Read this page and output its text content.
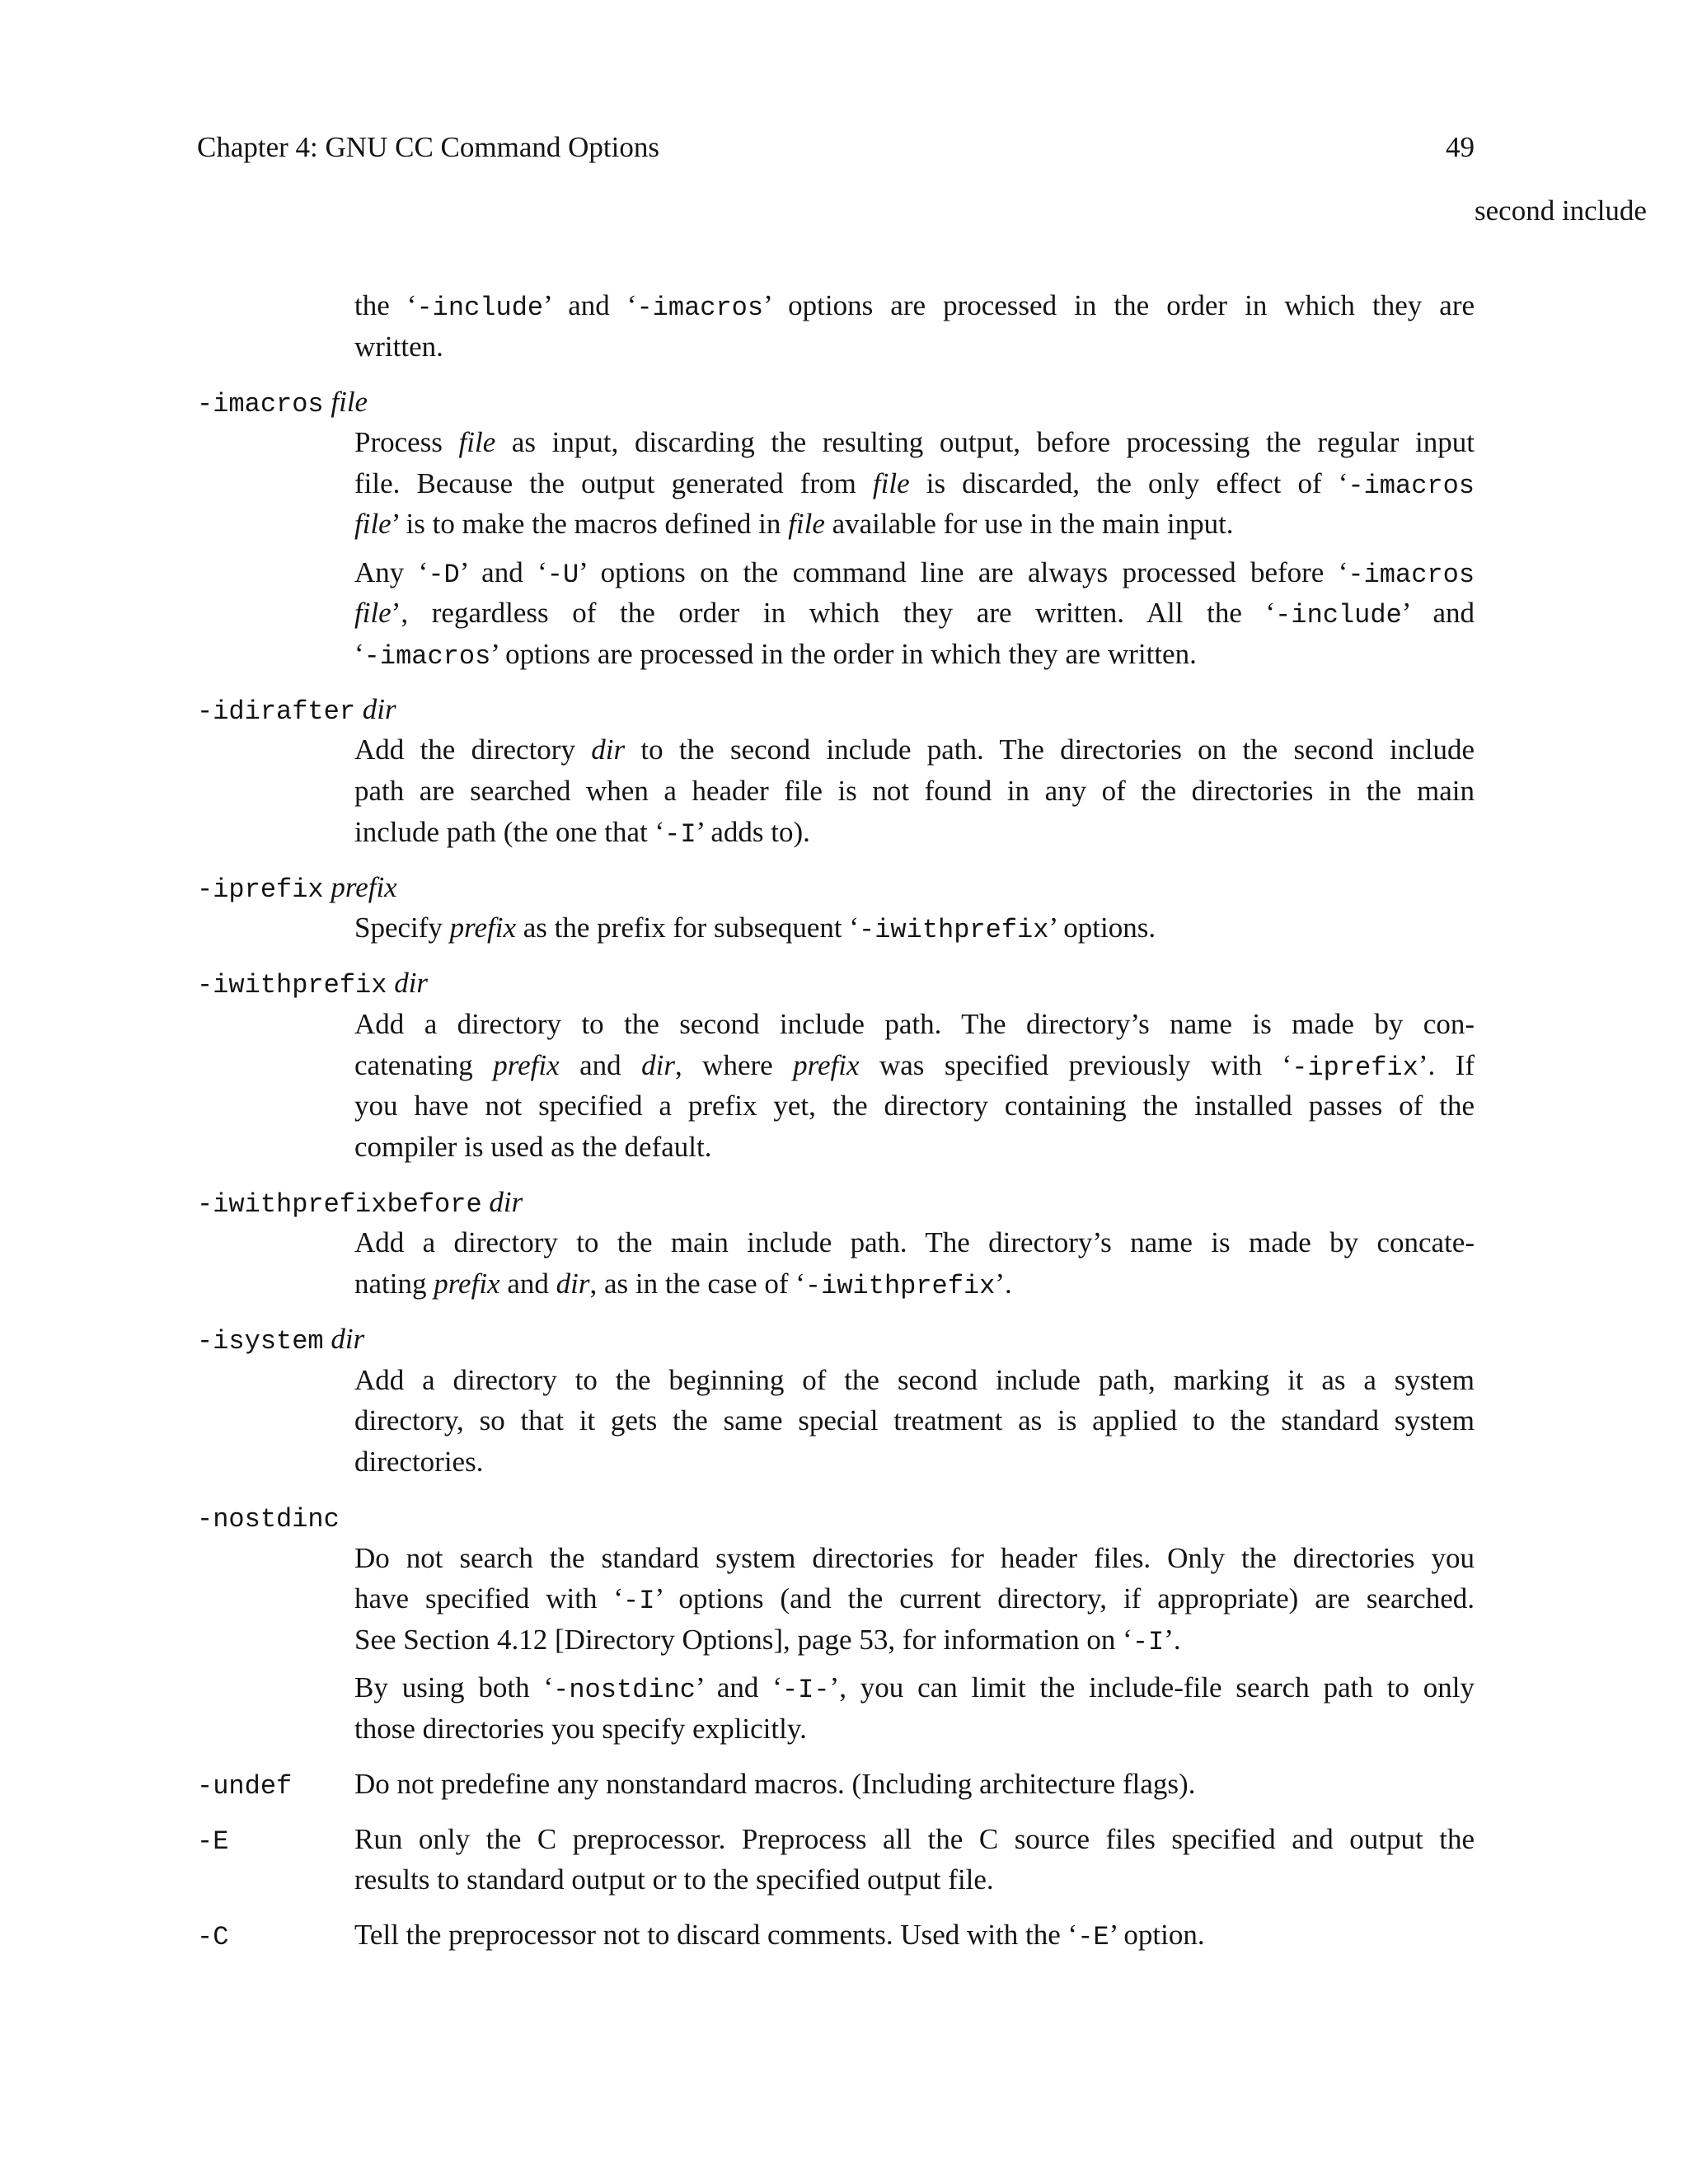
Chapter 4: GNU CC Command Options	49
second include
the ‘-include’ and ‘-imacros’ options are processed in the order in which they are
written.
-imacros file
Process file as input, discarding the resulting output, before processing the regular input
file. Because the output generated from file is discarded, the only effect of ‘-imacros
file’ is to make the macros defined in file available for use in the main input.
Any ‘-D’ and ‘-U’ options on the command line are always processed before ‘-imacros
file’, regardless of the order in which they are written. All the ‘-include’ and
‘-imacros’ options are processed in the order in which they are written.
-idirafter dir
Add the directory dir to the second include path. The directories on the second include
path are searched when a header file is not found in any of the directories in the main
include path (the one that ‘-I’ adds to).
-iprefix prefix
Specify prefix as the prefix for subsequent ‘-iwithprefix’ options.
-iwithprefix dir
Add a directory to the second include path. The directory’s name is made by con-
catenating prefix and dir, where prefix was specified previously with ‘-iprefix’. If
you have not specified a prefix yet, the directory containing the installed passes of the
compiler is used as the default.
-iwithprefixbefore dir
Add a directory to the main include path. The directory’s name is made by concate-
nating prefix and dir, as in the case of ‘-iwithprefix’.
-isystem dir
Add a directory to the beginning of the second include path, marking it as a system
directory, so that it gets the same special treatment as is applied to the standard system
directories.
-nostdinc
Do not search the standard system directories for header files. Only the directories you
have specified with ‘-I’ options (and the current directory, if appropriate) are searched.
See Section 4.12 [Directory Options], page 53, for information on ‘-I’.
By using both ‘-nostdinc’ and ‘-I-’, you can limit the include-file search path to only
those directories you specify explicitly.
-undef	Do not predefine any nonstandard macros. (Including architecture flags).
-E	Run only the C preprocessor. Preprocess all the C source files specified and output the
results to standard output or to the specified output file.
-C	Tell the preprocessor not to discard comments. Used with the ‘-E’ option.
